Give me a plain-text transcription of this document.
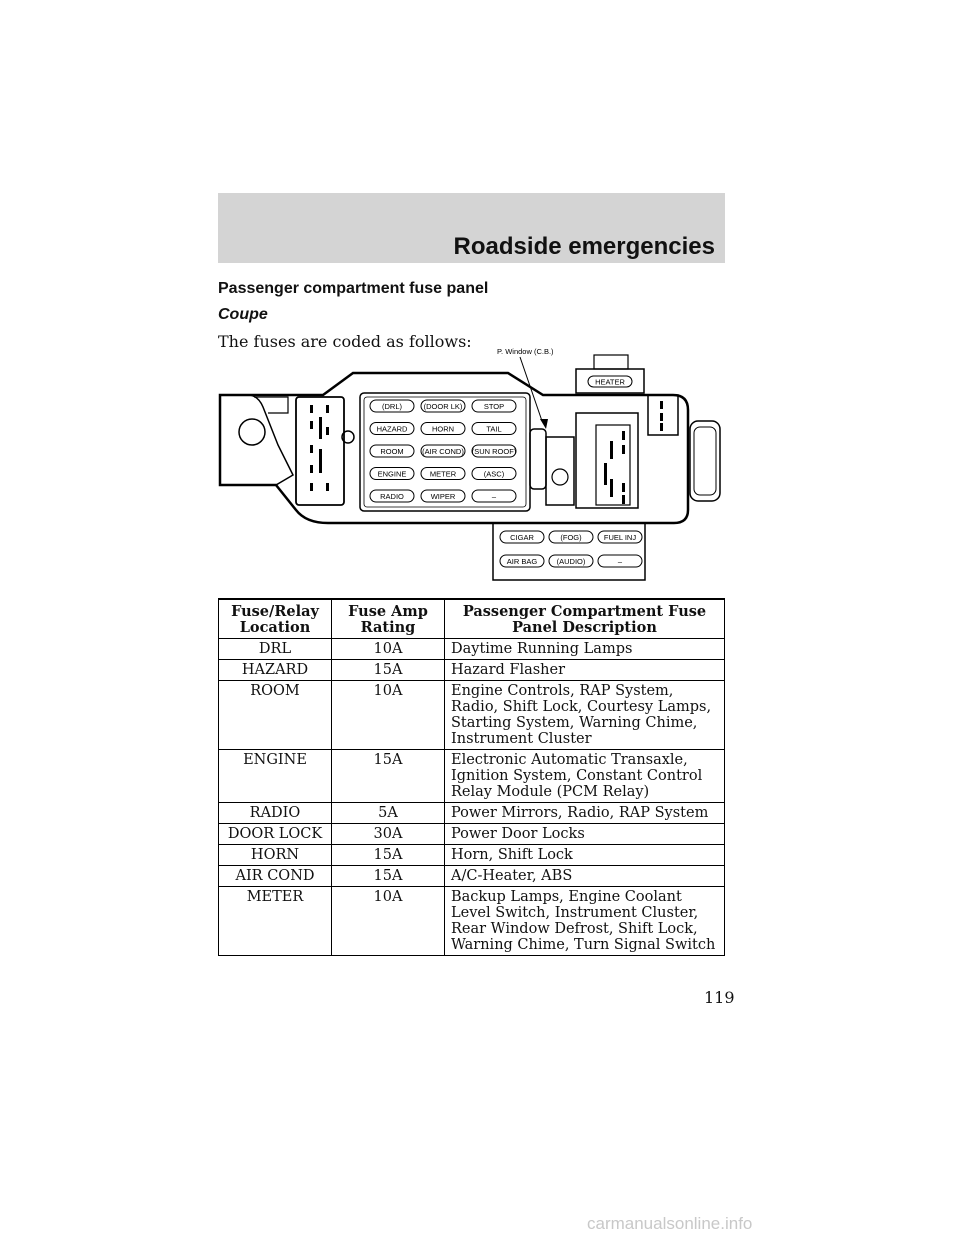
Roadside emergencies
Passenger compartment fuse panel
Coupe
The fuses are coded as follows:
P. Window (C.B.)
HEATER
(DRL)	(DOOR LK)	STOP
HAZARD	HORN	TAIL
ROOM (AIR COND) (SUN ROOF)
ENGINE	METER	(ASC)
RADIO	WIPER	–
CIGAR	(FOG)	FUEL INJ
AIR BAG	(AUDIO)	–
Fuse/Relay Location	Fuse Amp Rating	Passenger Compartment Fuse Panel Description
DRL	10A	Daytime Running Lamps
HAZARD	15A	Hazard Flasher
ROOM	10A	Engine Controls, RAP System, Radio, Shift Lock, Courtesy Lamps, Starting System, Warning Chime, Instrument Cluster
ENGINE	15A	Electronic Automatic Transaxle, Ignition System, Constant Control Relay Module (PCM Relay)
RADIO	5A	Power Mirrors, Radio, RAP System
DOOR LOCK	30A	Power Door Locks
HORN	15A	Horn, Shift Lock
AIR COND	15A	A/C-Heater, ABS
METER	10A	Backup Lamps, Engine Coolant Level Switch, Instrument Cluster, Rear Window Defrost, Shift Lock, Warning Chime, Turn Signal Switch
119
carmanualsonline.info
